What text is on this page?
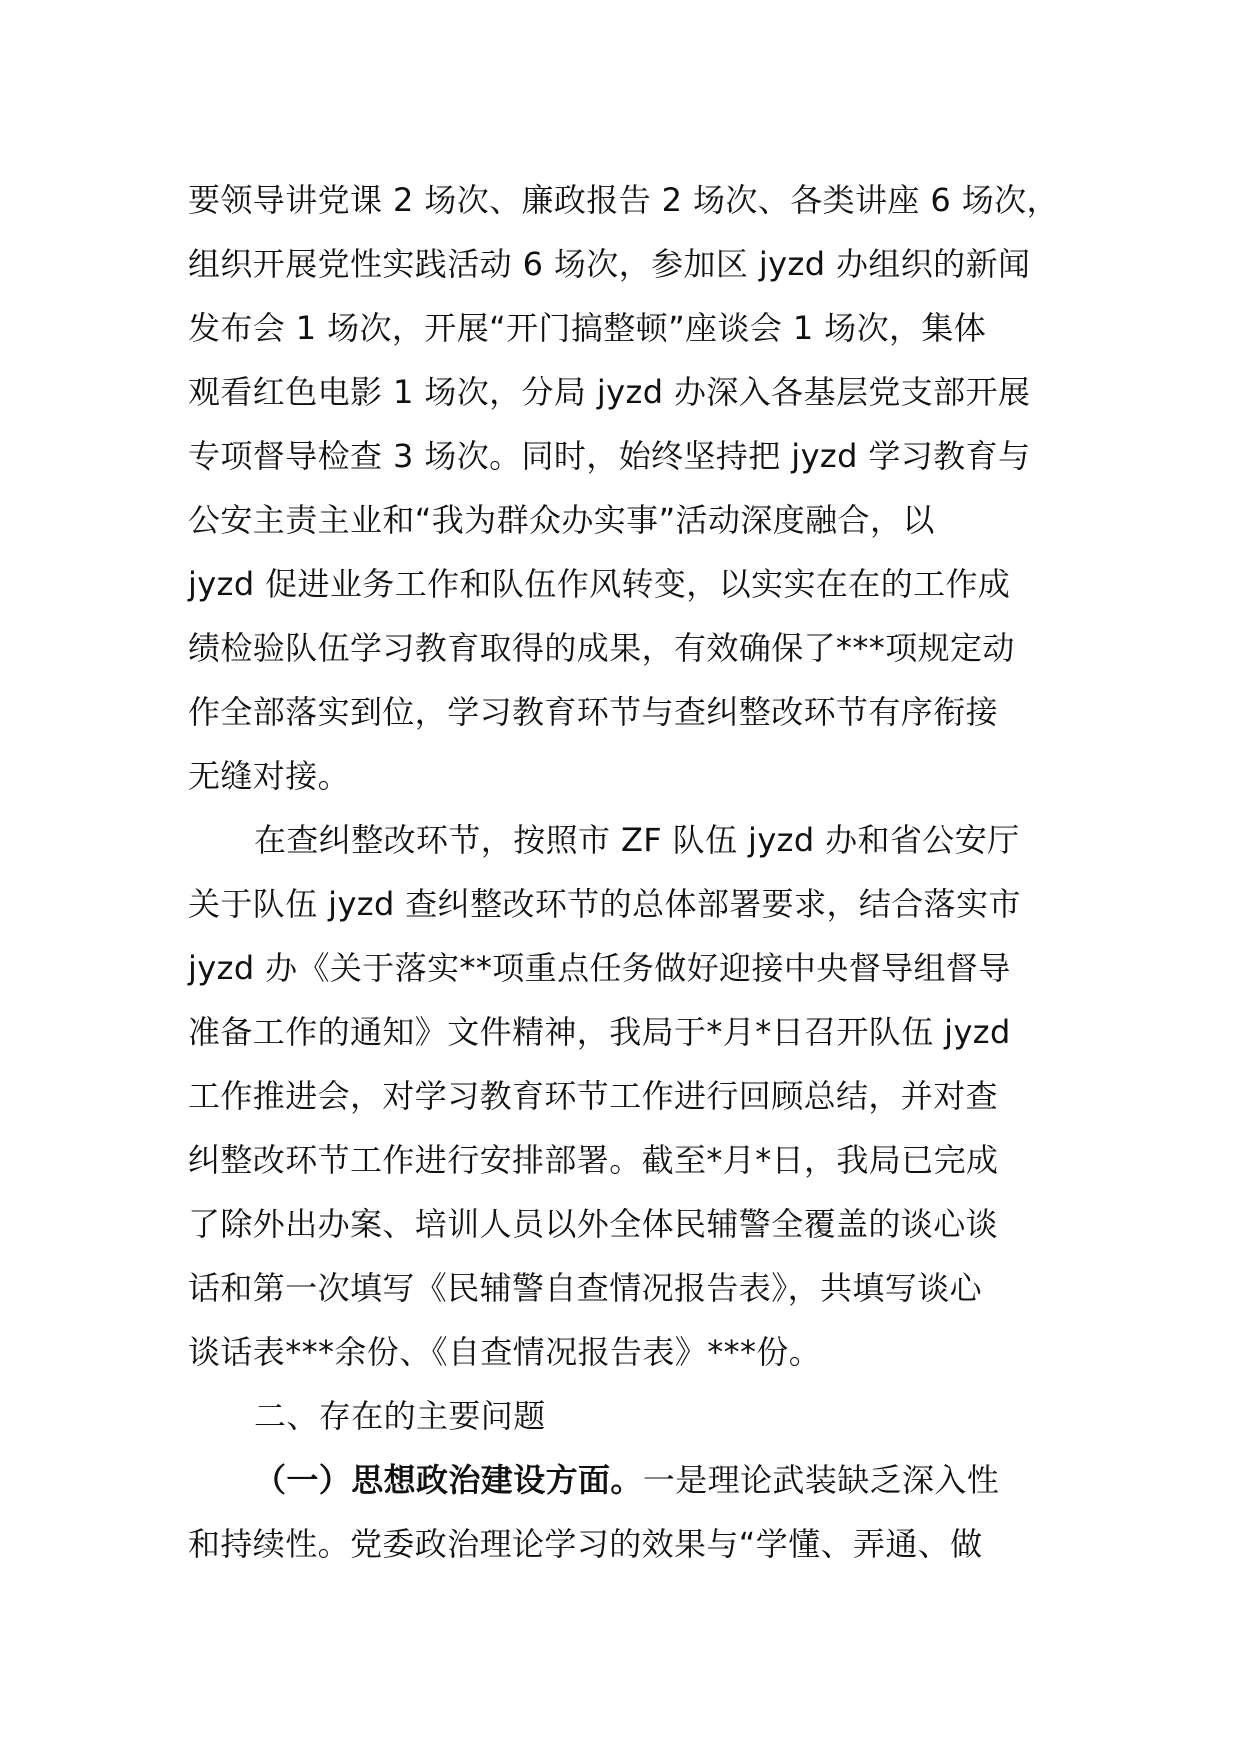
要领导讲党课 2 场次、廉政报告 2 场次、各类讲座 6 场次，
组织开展党性实践活动 6 场次，参加区 jyzd 办组织的新闻
发布会 1 场次，开展“开门搞整顿”座谈会 1 场次，集体
观看红色电影 1 场次，分局 jyzd 办深入各基层党支部开展
专项督导检查 3 场次。同时，始终坚持把 jyzd 学习教育与
公安主责主业和“我为群众办实事”活动深度融合，以
jyzd 促进业务工作和队伍作风转变，以实实在在的工作成
绩检验队伍学习教育取得的成果，有效确保了***项规定动
作全部落实到位，学习教育环节与查纠整改环节有序衔接
无缝对接。
在查纠整改环节，按照市 ZF 队伍 jyzd 办和省公安厅
关于队伍 jyzd 查纠整改环节的总体部署要求，结合落实市
jyzd 办《关于落实**项重点任务做好迎接中央督导组督导
准备工作的通知》文件精神，我局于*月*日召开队伍 jyzd
工作推进会，对学习教育环节工作进行回顾总结，并对查
纠整改环节工作进行安排部署。截至*月*日，我局已完成
了除外出办案、培训人员以外全体民辅警全覆盖的谈心谈
话和第一次填写《民辅警自查情况报告表》，共填写谈心
谈话表***余份、《自查情况报告表》***份。
二、存在的主要问题
（一）思想政治建设方面。一是理论武装缺乏深入性
和持续性。党委政治理论学习的效果与“学懂、弄通、做
